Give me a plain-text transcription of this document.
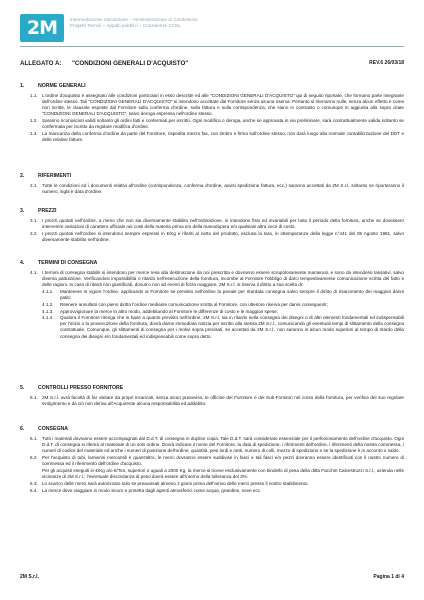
2M	Intermediazione Immobiliare – Amministrazione di Condominio
Progetti Tecnici – Appalti pubblici – Consulenze CCNL
ALLEGATO A: "CONDIZIONI GENERALI D'ACQUISTO"	REV.6 26/03/18
1.	NORME GENERALI
1.1. L'ordine d'acquisto è assegnato alle condizioni particolari in esso descritte ed alle "CONDIZIONI GENERALI D'ACQUISTO" qui di seguito riportate, che formano parte integrante dell'ordine stesso. Tali "CONDIZIONI GENERALI D'ACQUISTO" si intendono accettate dal Fornitore senza alcuna riserva. Pertanto si riterranno nulle, senza alcun effetto e come non scritte, le clausole esposte dal Fornitore sulla conferma d'ordine, sulla fattura e sulla corrispondenza, che siano in contrasto o comunque in aggiunta alla sopra citate "CONDIZIONI GENERALI D'ACQUISTO", salvo deroga espressa nell'ordine stesso.
1.2. Saranno riconosciuti validi soltanto gli ordini fatti e confermati per iscritto. Ogni modifica o deroga, anche se approvata in via preliminare, sarà contrattualmente valida soltanto se confermata per iscritto da regolare modifica d'ordine.
1.3. La mancanza della conferma d'ordine da parte del Fornitore, rispedita mezzo fax, con timbro e firma sull'ordine stesso, non darà luogo alla normale contabilizzazione del DDT e delle relative fatture.
2.	RIFERIMENTI
2.1. Tutte le condizioni ed i documenti relativi all'ordine (corrispondenza, conferma d'ordine, avvisi spedizione fattura, ecc.) saranno accettati da 2M S.r.l. soltanto se riporteranno il numero, sigla e data d'ordine.
3.	PREZZI
3.1. I prezzi quotati nell'ordine, a meno che non sia diversamente stabilito nell'ordinazione, si intendono fissi ed invariabili per tutto il periodo della fornitura, anche se dovessero intervenire variazioni di carattere ufficiale nei costi della materia prima e/o della manodopera e/o qualsiasi altra voce di costo.
3.2. I prezzi quotati nell'ordine si intendono sempre espressi in €/Kg e riferiti al netto del prodotto, esclusa la tara, in ottemperanza della legge n°441 del 05 Agosto 1981, salvo diversamente stabilito nell'ordine.
4.	TERMINI DI CONSEGNA
4.1. I termini di consegna stabiliti si intendono per merce resa alla destinazione da noi prescritta e dovranno essere scrupolosamente mantenuti, e sono da intendersi tassativi, salvo diversa pattuizione. Verificandosi impossibilità o ritardo nell'esecuzione della fornitura, incombe al Fornitore l'obbligo di darci tempestivamente comunicazione scritta del fatto e delle ragioni. In caso di ritardi non giustificati, dovuti o non ad eventi di forza maggiore, 2M S.r.l. si riserva il diritto a sua scelta di:
4.1.1.	Mantenere in vigore l'ordine, applicando al Fornitore se previsto nell'ordine la penale per ritardata consegna salvo sempre il diritto di risarcimento dei maggiori danni patiti;
4.1.2.	Ritenere annullato con pieno diritto l'ordine mediante comunicazione scritta al Fornitore, con ulteriore riserva per danni conseguenti;
4.1.3.	Approvvigionare la merce in altro modo, addebitando al Fornitore le differenze di costo e le maggiori spese;
4.1.4.	Qualora il Fornitore ritenga che in base a quanto previsto nell'ordine, 2M S.r.l. sia in ritardo nella consegna dei disegni o di altri elementi fondamentali ed indispensabili per l'inizio o la prosecuzione della fornitura, dovrà darne immediata notizia per iscritto alla stessa 2M S.r.l., comunicando gli eventuali tempi di slittamento della consegna contrattuale. Comunque, gli slittamenti di consegna per i motivi sopra precisati, se accettati da 2M S.r.l., non saranno in alcun modo superiori al tempo di ritardo della consegna dei disegni e/o fondamentali ed indispensabili come sopra detto.
5.	CONTROLLI PRESSO FORNITORE
5.1. 2M S.r.l. avrà facoltà di far visitare da propri incaricati, senza alcun preavviso, le officine del Fornitore e dei Sub-Fornitori nel corso della fornitura, per verifica del suo regolare svolgimento e da ciò non deriva all'Acquirente alcuna responsabilità ed addebito.
6.	CONSEGNA
6.1. Tutti i materiali dovranno essere accompagnati dal D.d.T. di consegna in duplice copia. Tale D.d.T. sarà considerato essenziale per il perfezionamento dell'ordine d'acquisto. Ogni D.d.T. di consegna si riferirà al materiale di un solo ordine. Dovrà indicare il nome del Fornitore, la data di spedizione, i riferimenti dell'ordine, i riferimenti della nostra commessa, i numeri di codice del materiale ed anche i numeri di posizione dell'ordine, quantità, pesi lordi e netti, numero di colli, mezzo di spedizione e se la spedizione è in acconto o saldo.
6.2. Per l'acquisto di tubi, lamierini mercantili e quant'altro, le merci dovranno essere suddivise in fasci e tali fasci e/o pezzi dovranno essere identificati con il nostro numero di commessa ed il riferimento dell'ordine d'acquisto.
Per gli acquisti eseguiti in €/Kg a/o €/Ton, superiori o uguali a 2000 Kg, la merce si riceve esclusivamente con bindello di pesa della ditta Facchin Calcestruzzi S.r.l., azienda nelle vicinanze di 2M S.r.l.; l'eventuale discordanza di peso dovrà essere all'interno della tolleranza del 3%.
6.3. Lo scarico delle merci sarà autorizzato solo se preavvisati almeno 2 giorni prima dell'arrivo delle merci presso il nostro stabilimento.
6.4. La merce deve viaggiare in modo sicuro e protetta dagli agenti atmosferici come acqua, grandine, neve ecc.
2M S.r.l.	Pagina 1 di 4
